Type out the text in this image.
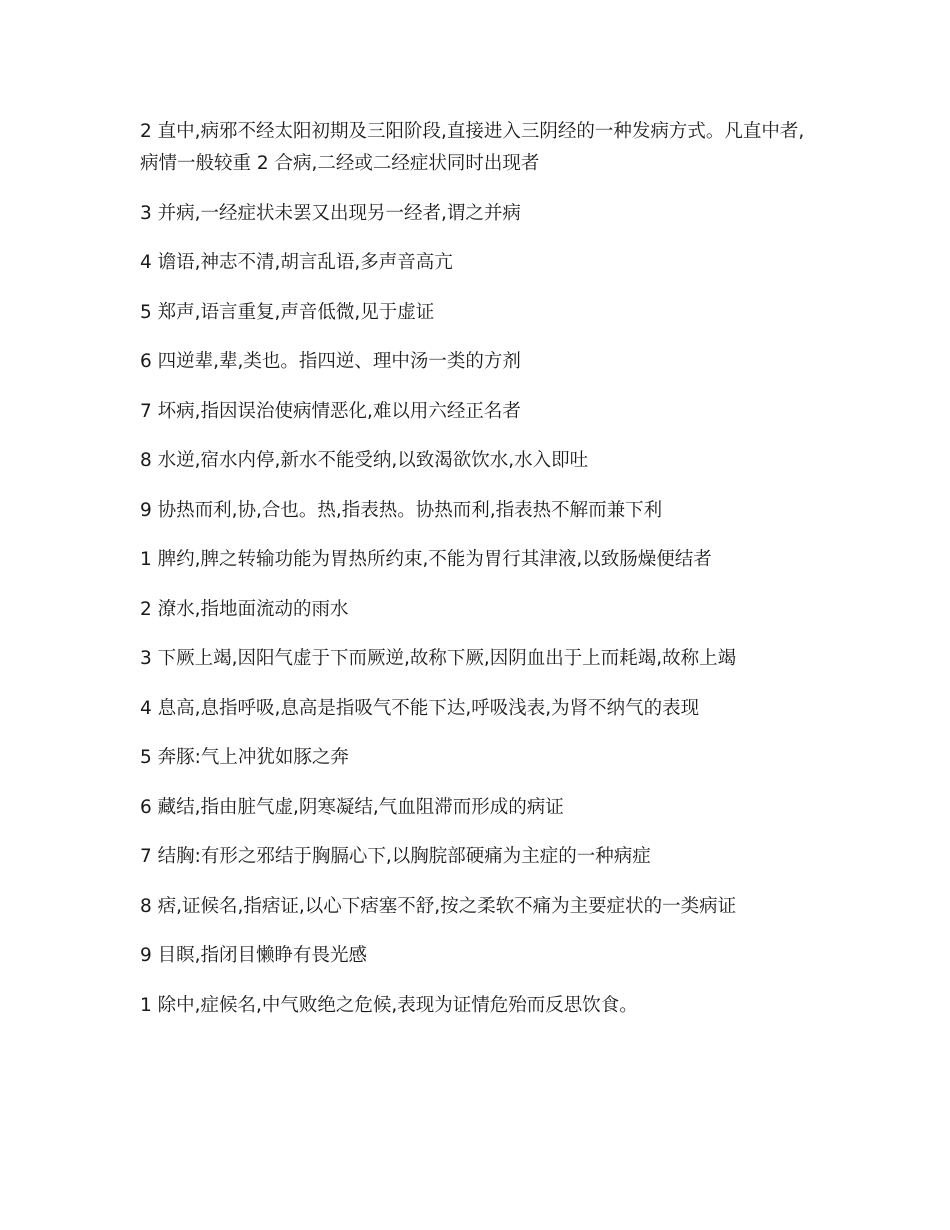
2 直中,病邪不经太阳初期及三阳阶段,直接进入三阴经的一种发病方式。凡直中者,病情一般较重 2 合病,二经或二经症状同时出现者

3 并病,一经症状未罢又出现另一经者,谓之并病

4 谵语,神志不清,胡言乱语,多声音高亢

5 郑声,语言重复,声音低微,见于虚证

6 四逆辈,辈,类也。指四逆、理中汤一类的方剂

7 坏病,指因误治使病情恶化,难以用六经正名者

8 水逆,宿水内停,新水不能受纳,以致渴欲饮水,水入即吐

9 协热而利,协,合也。热,指表热。协热而利,指表热不解而兼下利

1 脾约,脾之转输功能为胃热所约束,不能为胃行其津液,以致肠燥便结者

2 潦水,指地面流动的雨水

3 下厥上竭,因阳气虚于下而厥逆,故称下厥,因阴血出于上而耗竭,故称上竭

4 息高,息指呼吸,息高是指吸气不能下达,呼吸浅表,为肾不纳气的表现

5 奔豚:气上冲犹如豚之奔

6 藏结,指由脏气虚,阴寒凝结,气血阻滞而形成的病证

7 结胸:有形之邪结于胸膈心下,以胸脘部硬痛为主症的一种病症

8 痞,证候名,指痞证,以心下痞塞不舒,按之柔软不痛为主要症状的一类病证

9 目瞑,指闭目懒睁有畏光感

1 除中,症候名,中气败绝之危候,表现为证情危殆而反思饮食。
